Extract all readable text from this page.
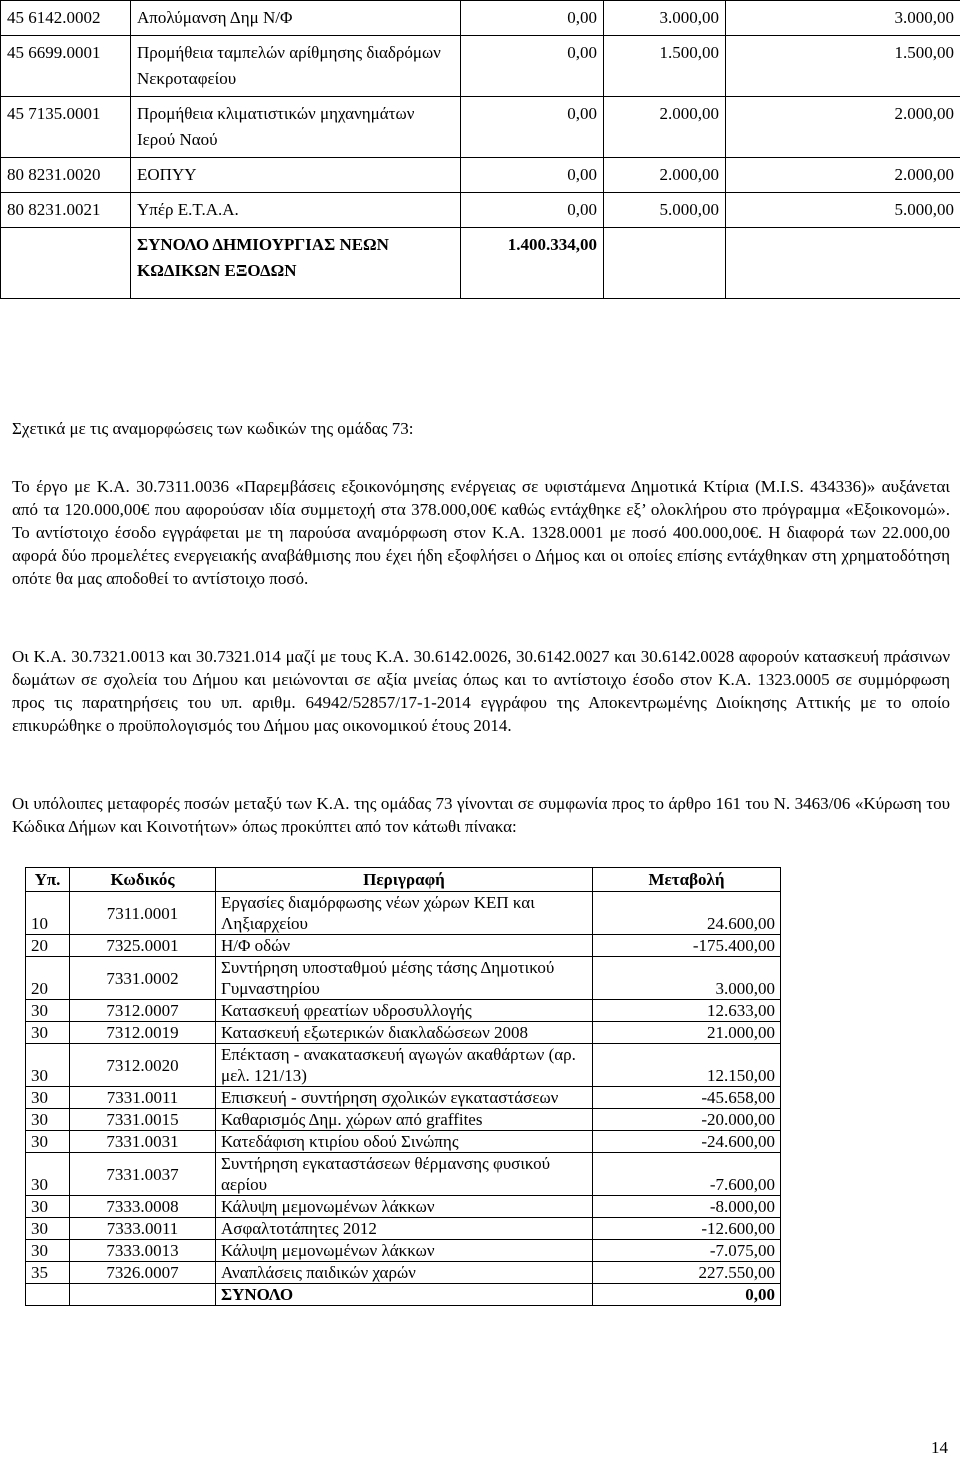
45 6142.0002	Απολύμανση Δημ Ν/Φ	0,00	3.000,00	3.000,00
45 6699.0001	Προμήθεια ταμπελών αρίθμησης διαδρόμων Νεκροταφείου	0,00	1.500,00	1.500,00
45 7135.0001	Προμήθεια κλιματιστικών μηχανημάτων Ιερού Ναού	0,00	2.000,00	2.000,00
80 8231.0020	ΕΟΠΥΥ	0,00	2.000,00	2.000,00
80 8231.0021	Υπέρ Ε.Τ.Α.Α.	0,00	5.000,00	5.000,00
	ΣΥΝΟΛΟ ΔΗΜΙΟΥΡΓΙΑΣ ΝΕΩΝ ΚΩΔΙΚΩΝ ΕΞΟΔΩΝ	1.400.334,00		

Σχετικά με τις αναμορφώσεις των κωδικών της ομάδας 73:

Το έργο με Κ.Α. 30.7311.0036 «Παρεμβάσεις εξοικονόμησης ενέργειας σε υφιστάμενα Δημοτικά Κτίρια (M.I.S. 434336)» αυξάνεται από τα 120.000,00€ που αφορούσαν ιδία συμμετοχή στα 378.000,00€ καθώς εντάχθηκε εξ’ ολοκλήρου στο πρόγραμμα «Εξοικονομώ». Το αντίστοιχο έσοδο εγγράφεται με τη παρούσα αναμόρφωση στον Κ.Α. 1328.0001 με ποσό 400.000,00€. Η διαφορά των 22.000,00 αφορά δύο προμελέτες ενεργειακής αναβάθμισης που έχει ήδη εξοφλήσει ο Δήμος και οι οποίες επίσης εντάχθηκαν στη χρηματοδότηση οπότε θα μας αποδοθεί το αντίστοιχο ποσό.

Οι Κ.Α. 30.7321.0013 και 30.7321.014 μαζί με τους Κ.Α. 30.6142.0026, 30.6142.0027 και 30.6142.0028 αφορούν κατασκευή πράσινων δωμάτων σε σχολεία του Δήμου και μειώνονται σε αξία μνείας όπως και το αντίστοιχο έσοδο στον Κ.Α. 1323.0005 σε συμμόρφωση προς τις παρατηρήσεις του υπ. αριθμ. 64942/52857/17-1-2014 εγγράφου της Αποκεντρωμένης Διοίκησης Αττικής με το οποίο επικυρώθηκε ο προϋπολογισμός του Δήμου μας οικονομικού έτους 2014.

Οι υπόλοιπες μεταφορές ποσών μεταξύ των Κ.Α. της ομάδας 73 γίνονται σε συμφωνία προς το άρθρο 161 του Ν. 3463/06 «Κύρωση του Κώδικα Δήμων και Κοινοτήτων» όπως προκύπτει από τον κάτωθι πίνακα:

Υπ.	Κωδικός	Περιγραφή	Μεταβολή
10	7311.0001	Εργασίες διαμόρφωσης νέων χώρων ΚΕΠ και Ληξιαρχείου	24.600,00
20	7325.0001	Η/Φ οδών	-175.400,00
20	7331.0002	Συντήρηση υποσταθμού μέσης τάσης Δημοτικού Γυμναστηρίου	3.000,00
30	7312.0007	Κατασκευή φρεατίων υδροσυλλογής	12.633,00
30	7312.0019	Κατασκευή εξωτερικών διακλαδώσεων 2008	21.000,00
30	7312.0020	Επέκταση - ανακατασκευή αγωγών ακαθάρτων (αρ. μελ. 121/13)	12.150,00
30	7331.0011	Επισκευή - συντήρηση σχολικών εγκαταστάσεων	-45.658,00
30	7331.0015	Καθαρισμός Δημ. χώρων από graffites	-20.000,00
30	7331.0031	Κατεδάφιση κτιρίου οδού Σινώπης	-24.600,00
30	7331.0037	Συντήρηση εγκαταστάσεων θέρμανσης φυσικού αερίου	-7.600,00
30	7333.0008	Κάλυψη μεμονωμένων λάκκων	-8.000,00
30	7333.0011	Ασφαλτοτάπητες 2012	-12.600,00
30	7333.0013	Κάλυψη μεμονωμένων λάκκων	-7.075,00
35	7326.0007	Αναπλάσεις παιδικών χαρών	227.550,00
		ΣΥΝΟΛΟ	0,00
14
